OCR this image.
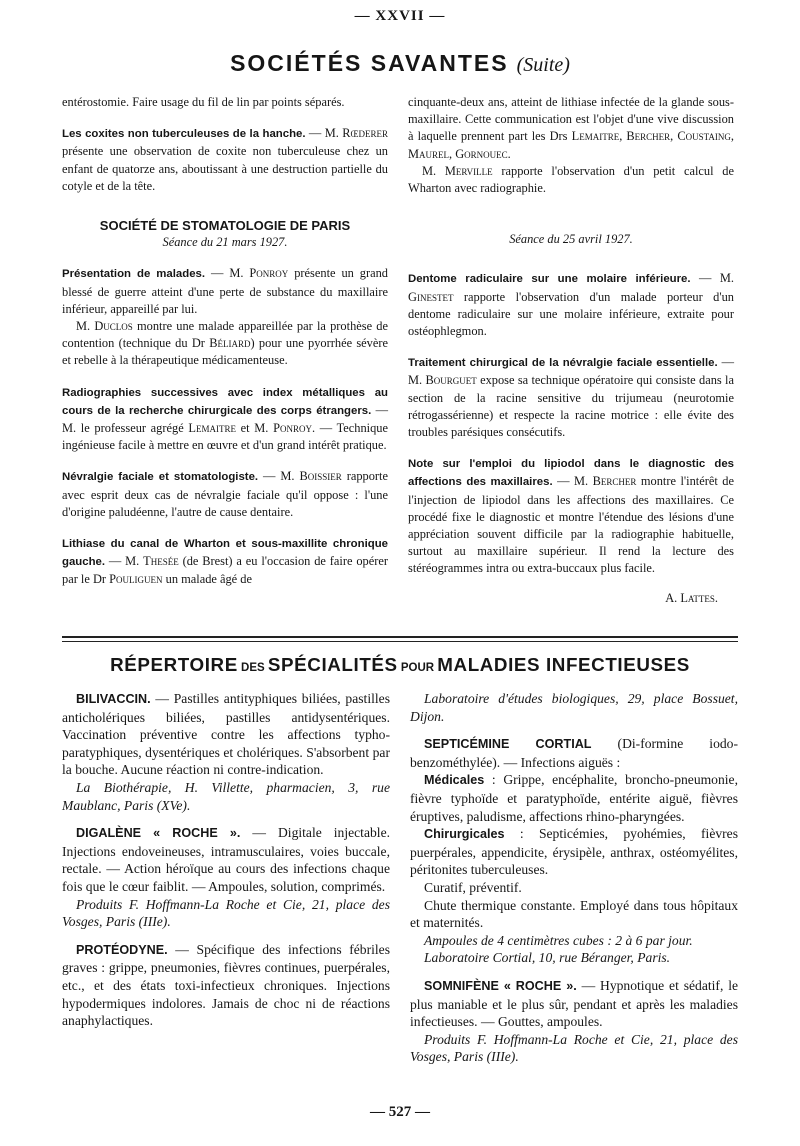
— XXVII —
SOCIÉTÉS SAVANTES (Suite)

entérostomie. Faire usage du fil de lin par points séparés.

Les coxites non tuberculeuses de la hanche. — M. Rœderer présente une observation de coxite non tuberculeuse chez un enfant de quatorze ans, aboutissant à une destruction partielle du cotyle et de la tête.

SOCIÉTÉ DE STOMATOLOGIE DE PARIS

Séance du 21 mars 1927.

Présentation de malades. — M. Ponroy présente un grand blessé de guerre atteint d'une perte de substance du maxillaire inférieur, appareillé par lui.

M. Duclos montre une malade appareillée par la prothèse de contention (technique du Dr Béliard) pour une pyorrhée sévère et rebelle à la thérapeutique médicamenteuse.

Radiographies successives avec index métalliques au cours de la recherche chirurgicale des corps étrangers. — M. le professeur agrégé Lemaitre et M. Ponroy. — Technique ingénieuse facile à mettre en œuvre et d'un grand intérêt pratique.

Névralgie faciale et stomatologiste. — M. Boissier rapporte avec esprit deux cas de névralgie faciale qu'il oppose : l'une d'origine paludéenne, l'autre de cause dentaire.

Lithiase du canal de Wharton et sous-maxillite chronique gauche. — M. Thesée (de Brest) a eu l'occasion de faire opérer par le Dr Pouliguen un malade âgé de

cinquante-deux ans, atteint de lithiase infectée de la glande sous-maxillaire. Cette communication est l'objet d'une vive discussion à laquelle prennent part les Drs Lemaitre, Bercher, Coustaing, Maurel, Gornouec.

M. Merville rapporte l'observation d'un petit calcul de Wharton avec radiographie.

Séance du 25 avril 1927.

Dentome radiculaire sur une molaire inférieure. — M. Ginestet rapporte l'observation d'un malade porteur d'un dentome radiculaire sur une molaire inférieure, extraite pour ostéophlegmon.

Traitement chirurgical de la névralgie faciale essentielle. — M. Bourguet expose sa technique opératoire qui consiste dans la section de la racine sensitive du trijumeau (neurotomie rétrogassérienne) et respecte la racine motrice : elle évite des troubles parésiques consécutifs.

Note sur l'emploi du lipiodol dans le diagnostic des affections des maxillaires. — M. Bercher montre l'intérêt de l'injection de lipiodol dans les affections des maxillaires. Ce procédé fixe le diagnostic et montre l'étendue des lésions d'une appréciation souvent difficile par la radiographie habituelle, surtout au maxillaire supérieur. Il rend la lecture des stéréogrammes intra ou extra-buccaux plus facile.

A. Lattes.

RÉPERTOIRE DES SPÉCIALITÉS POUR MALADIES INFECTIEUSES

BILIVACCIN. — Pastilles antityphiques biliées, pastilles anticholériques biliées, pastilles antidysentériques. Vaccination préventive contre les affections typho-paratyphiques, dysentériques et cholériques. S'absorbent par la bouche. Aucune réaction ni contre-indication.

La Biothérapie, H. Villette, pharmacien, 3, rue Maublanc, Paris (XVe).

DIGALÈNE « ROCHE ». — Digitale injectable. Injections endoveineuses, intramusculaires, voies buccale, rectale. — Action héroïque au cours des infections chaque fois que le cœur faiblit. — Ampoules, solution, comprimés.

Produits F. Hoffmann-La Roche et Cie, 21, place des Vosges, Paris (IIIe).

PROTÉODYNE. — Spécifique des infections fébriles graves : grippe, pneumonies, fièvres continues, puerpérales, etc., et des états toxi-infectieux chroniques. Injections hypodermiques indolores. Jamais de choc ni de réactions anaphylactiques.

Laboratoire d'études biologiques, 29, place Bossuet, Dijon.

SEPTICÉMINE CORTIAL (Di-formine iodo-benzométhylée). — Infections aiguës :

Médicales : Grippe, encéphalite, broncho-pneumonie, fièvre typhoïde et paratyphoïde, entérite aiguë, fièvres éruptives, paludisme, affections rhino-pharyngées.

Chirurgicales : Septicémies, pyohémies, fièvres puerpérales, appendicite, érysipèle, anthrax, ostéomyélites, péritonites tuberculeuses.

Curatif, préventif.

Chute thermique constante. Employé dans tous hôpitaux et maternités.

Ampoules de 4 centimètres cubes : 2 à 6 par jour.

Laboratoire Cortial, 10, rue Béranger, Paris.

SOMNIFÈNE « ROCHE ». — Hypnotique et sédatif, le plus maniable et le plus sûr, pendant et après les maladies infectieuses. — Gouttes, ampoules.

Produits F. Hoffmann-La Roche et Cie, 21, place des Vosges, Paris (IIIe).

— 527 —
